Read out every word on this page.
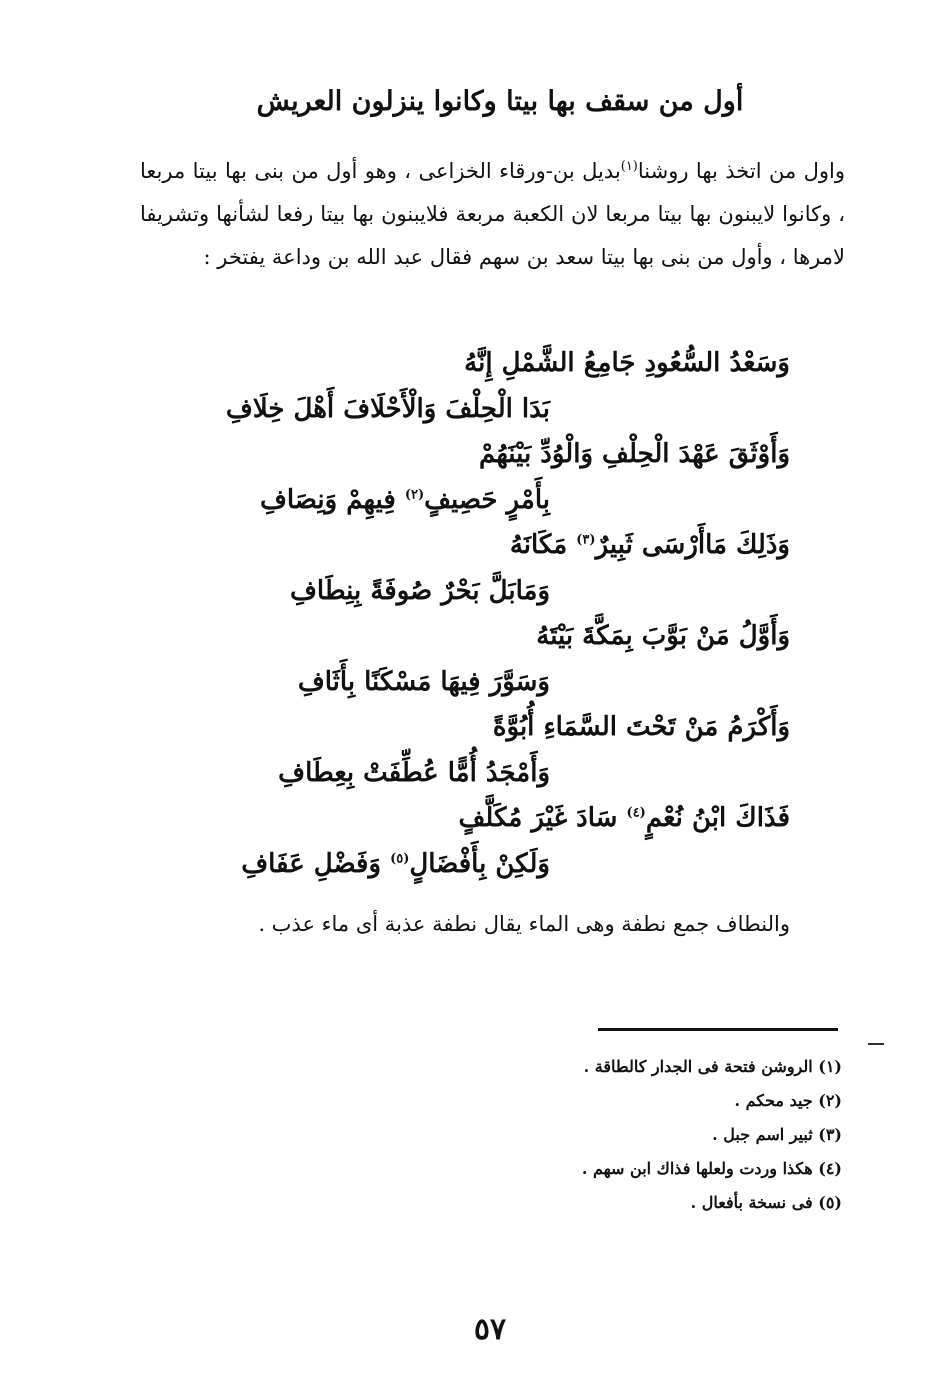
أول من سقف بها بيتا وكانوا ينزلون العريش

واول من اتخذ بها روشنا$^{(١)}$بديل بن-ورقاء الخزاعى ، وهو أول من بنى بها بيتا مربعا ، وكانوا لايبنون بها بيتا مربعا لان الكعبة مربعة فلايبنون بها بيتا رفعا لشأنها وتشريفا لامرها ، وأول من بنى بها بيتا سعد بن سهم فقال عبد الله بن وداعة يفتخر :

وَسَعْدُ السُّعُودِ جَامِعُ الشَّمْلِ إِنَّهُ
بَدَا الْحِلْفَ وَالْأَحْلَافَ أَهْلَ خِلَافِ
وَأَوْثَقَ عَهْدَ الْحِلْفِ وَالْوُدِّ بَيْنَهُمْ
بِأَمْرٍ حَصِيفٍ$^{(٢)}$ فِيهِمْ وَنِصَافِ
وَذَلِكَ مَاأَرْسَى ثَبِيرٌ$^{(٣)}$ مَكَانَهُ
وَمَابَلَّ بَحْرٌ صُوفَةً بِنِطَافِ
وَأَوَّلُ مَنْ بَوَّبَ بِمَكَّةَ بَيْتَهُ
وَسَوَّرَ فِيهَا مَسْكَنًا بِأَثَافِ
وَأَكْرَمُ مَنْ تَحْتَ السَّمَاءِ أُبُوَّةً
وَأَمْجَدُ أُمًّا عُطِّفَتْ بِعِطَافِ
فَذَاكَ ابْنُ نُعْمٍ$^{(٤)}$ سَادَ غَيْرَ مُكَلَّفٍ
وَلَكِنْ بِأَفْضَالٍ$^{(٥)}$ وَفَضْلِ عَفَافِ
والنطاف جمع نطفة وهى الماء يقال نطفة عذبة أى ماء عذب .
(١) الروشن فتحة فى الجدار كالطاقة .
(٢) جيد محكم .
(٣) ثبير اسم جبل .
(٤) هكذا وردت ولعلها فذاك ابن سهم .
(٥) فى نسخة بأفعال .
٥٧
